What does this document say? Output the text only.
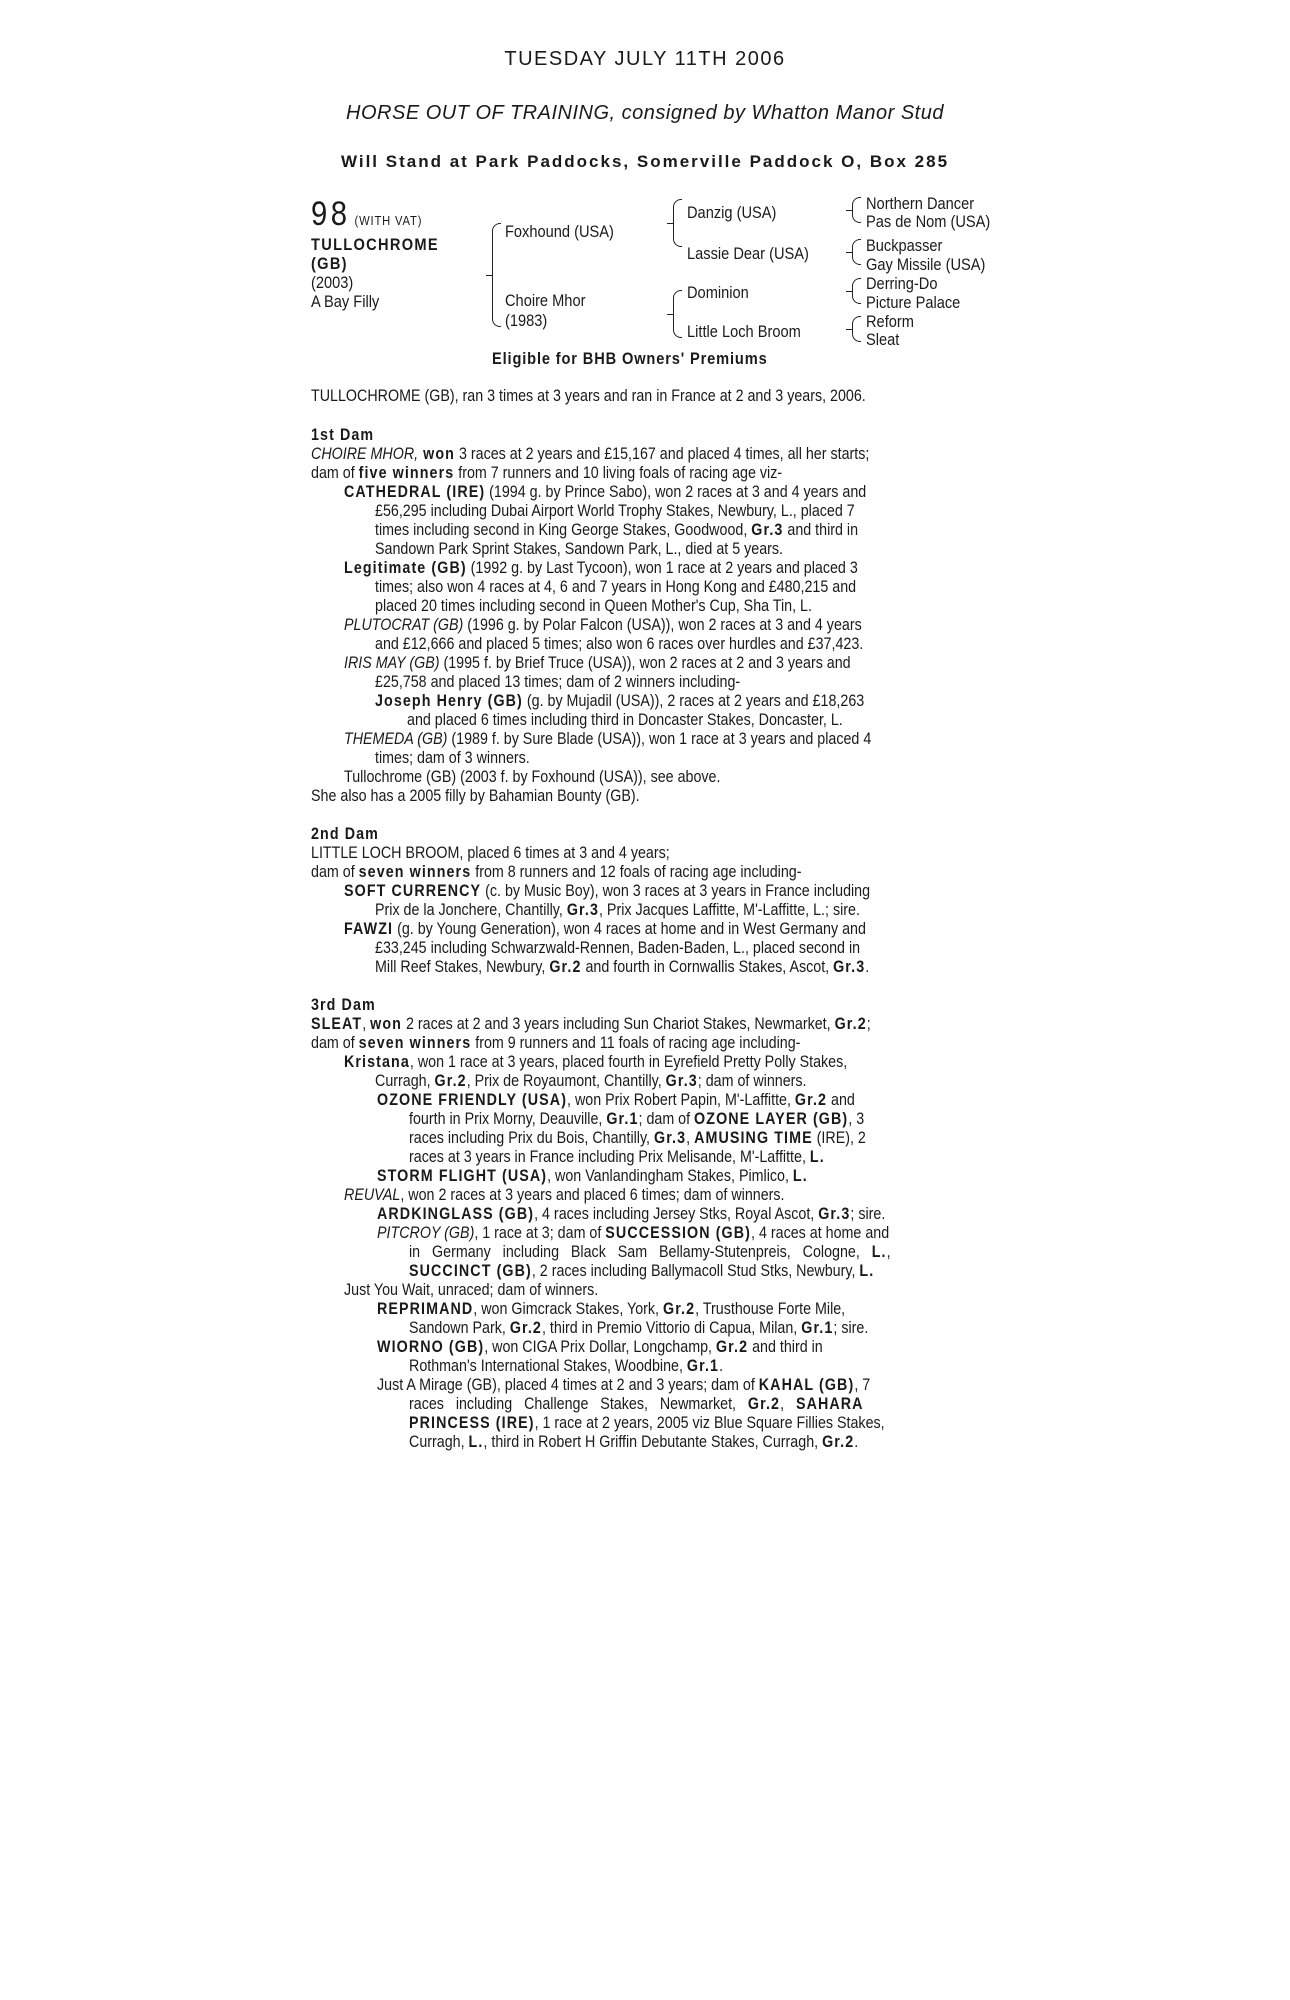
TUESDAY JULY 11TH 2006
HORSE OUT OF TRAINING, consigned by Whatton Manor Stud
Will Stand at Park Paddocks, Somerville Paddock O, Box 285
98 (WITH VAT)
TULLOCHROME
(GB)
(2003)
A Bay Filly
Foxhound (USA)
Choire Mhor
(1983)
Danzig (USA)
Lassie Dear (USA)
Dominion
Little Loch Broom
Northern Dancer
Pas de Nom (USA)
Buckpasser
Gay Missile (USA)
Derring-Do
Picture Palace
Reform
Sleat
Eligible for BHB Owners' Premiums
TULLOCHROME (GB), ran 3 times at 3 years and ran in France at 2 and 3 years, 2006.
1st Dam
CHOIRE MHOR, won 3 races at 2 years and £15,167 and placed 4 times, all her starts;
dam of five winners from 7 runners and 10 living foals of racing age viz-
CATHEDRAL (IRE) (1994 g. by Prince Sabo), won 2 races at 3 and 4 years and
£56,295 including Dubai Airport World Trophy Stakes, Newbury, L., placed 7
times including second in King George Stakes, Goodwood, Gr.3 and third in
Sandown Park Sprint Stakes, Sandown Park, L., died at 5 years.
Legitimate (GB) (1992 g. by Last Tycoon), won 1 race at 2 years and placed 3
times; also won 4 races at 4, 6 and 7 years in Hong Kong and £480,215 and
placed 20 times including second in Queen Mother's Cup, Sha Tin, L.
PLUTOCRAT (GB) (1996 g. by Polar Falcon (USA)), won 2 races at 3 and 4 years
and £12,666 and placed 5 times; also won 6 races over hurdles and £37,423.
IRIS MAY (GB) (1995 f. by Brief Truce (USA)), won 2 races at 2 and 3 years and
£25,758 and placed 13 times; dam of 2 winners including-
Joseph Henry (GB) (g. by Mujadil (USA)), 2 races at 2 years and £18,263
and placed 6 times including third in Doncaster Stakes, Doncaster, L.
THEMEDA (GB) (1989 f. by Sure Blade (USA)), won 1 race at 3 years and placed 4
times; dam of 3 winners.
Tullochrome (GB) (2003 f. by Foxhound (USA)), see above.
She also has a 2005 filly by Bahamian Bounty (GB).
2nd Dam
LITTLE LOCH BROOM, placed 6 times at 3 and 4 years;
dam of seven winners from 8 runners and 12 foals of racing age including-
SOFT CURRENCY (c. by Music Boy), won 3 races at 3 years in France including
Prix de la Jonchere, Chantilly, Gr.3, Prix Jacques Laffitte, M'-Laffitte, L.; sire.
FAWZI (g. by Young Generation), won 4 races at home and in West Germany and
£33,245 including Schwarzwald-Rennen, Baden-Baden, L., placed second in
Mill Reef Stakes, Newbury, Gr.2 and fourth in Cornwallis Stakes, Ascot, Gr.3.
3rd Dam
SLEAT, won 2 races at 2 and 3 years including Sun Chariot Stakes, Newmarket, Gr.2;
dam of seven winners from 9 runners and 11 foals of racing age including-
Kristana, won 1 race at 3 years, placed fourth in Eyrefield Pretty Polly Stakes,
Curragh, Gr.2, Prix de Royaumont, Chantilly, Gr.3; dam of winners.
OZONE FRIENDLY (USA), won Prix Robert Papin, M'-Laffitte, Gr.2 and
fourth in Prix Morny, Deauville, Gr.1; dam of OZONE LAYER (GB), 3
races including Prix du Bois, Chantilly, Gr.3, AMUSING TIME (IRE), 2
races at 3 years in France including Prix Melisande, M'-Laffitte, L.
STORM FLIGHT (USA), won Vanlandingham Stakes, Pimlico, L.
REUVAL, won 2 races at 3 years and placed 6 times; dam of winners.
ARDKINGLASS (GB), 4 races including Jersey Stks, Royal Ascot, Gr.3; sire.
PITCROY (GB), 1 race at 3; dam of SUCCESSION (GB), 4 races at home and
in   Germany   including   Black   Sam   Bellamy-Stutenpreis,   Cologne,   L.,
SUCCINCT (GB), 2 races including Ballymacoll Stud Stks, Newbury, L.
Just You Wait, unraced; dam of winners.
REPRIMAND, won Gimcrack Stakes, York, Gr.2, Trusthouse Forte Mile,
Sandown Park, Gr.2, third in Premio Vittorio di Capua, Milan, Gr.1; sire.
WIORNO (GB), won CIGA Prix Dollar, Longchamp, Gr.2 and third in
Rothman's International Stakes, Woodbine, Gr.1.
Just A Mirage (GB), placed 4 times at 2 and 3 years; dam of KAHAL (GB), 7
races   including   Challenge   Stakes,   Newmarket,   Gr.2,   SAHARA
PRINCESS (IRE), 1 race at 2 years, 2005 viz Blue Square Fillies Stakes,
Curragh, L., third in Robert H Griffin Debutante Stakes, Curragh, Gr.2.
